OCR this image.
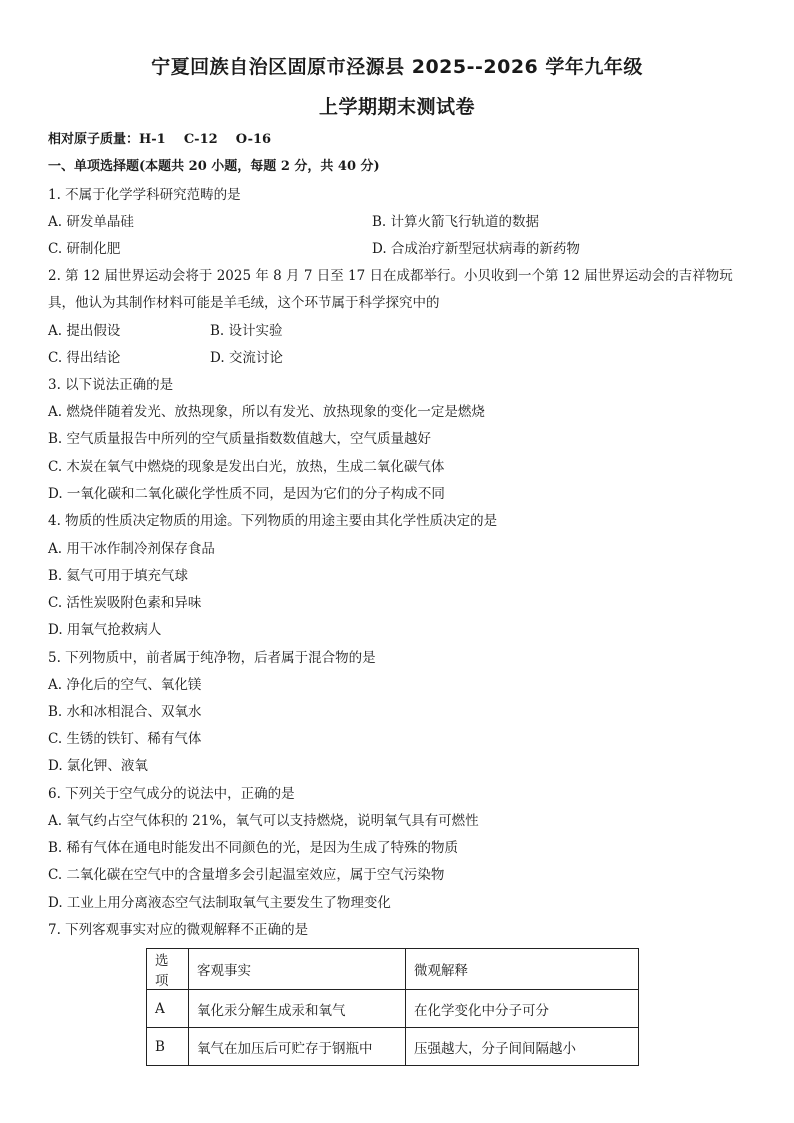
宁夏回族自治区固原市泾源县 2025--2026 学年九年级
上学期期末测试卷
相对原子质量：H-1    C-12    O-16
一、单项选择题(本题共 20 小题，每题 2 分，共 40 分)
1. 不属于化学学科研究范畴的是
A. 研发单晶硅	B. 计算火箭飞行轨道的数据
C. 研制化肥	D. 合成治疗新型冠状病毒的新药物
2. 第 12 届世界运动会将于 2025 年 8 月 7 日至 17 日在成都举行。小贝收到一个第 12 届世界运动会的吉祥物玩
具，他认为其制作材料可能是羊毛绒，这个环节属于科学探究中的
A. 提出假设	B. 设计实验
C. 得出结论	D. 交流讨论
3. 以下说法正确的是
A. 燃烧伴随着发光、放热现象，所以有发光、放热现象的变化一定是燃烧
B. 空气质量报告中所列的空气质量指数数值越大，空气质量越好
C. 木炭在氧气中燃烧的现象是发出白光，放热，生成二氧化碳气体
D. 一氧化碳和二氧化碳化学性质不同，是因为它们的分子构成不同
4. 物质的性质决定物质的用途。下列物质的用途主要由其化学性质决定的是
A. 用干冰作制冷剂保存食品
B. 氦气可用于填充气球
C. 活性炭吸附色素和异味
D. 用氧气抢救病人
5. 下列物质中，前者属于纯净物，后者属于混合物的是
A. 净化后的空气、氧化镁
B. 水和冰相混合、双氧水
C. 生锈的铁钉、稀有气体
D. 氯化钾、液氧
6. 下列关于空气成分的说法中，正确的是
A. 氧气约占空气体积的 21%，氧气可以支持燃烧，说明氧气具有可燃性
B. 稀有气体在通电时能发出不同颜色的光，是因为生成了特殊的物质
C. 二氧化碳在空气中的含量增多会引起温室效应，属于空气污染物
D. 工业上用分离液态空气法制取氧气主要发生了物理变化
7. 下列客观事实对应的微观解释不正确的是
选项	客观事实	微观解释
A	氧化汞分解生成汞和氧气	在化学变化中分子可分
B	氧气在加压后可贮存于钢瓶中	压强越大，分子间间隔越小
